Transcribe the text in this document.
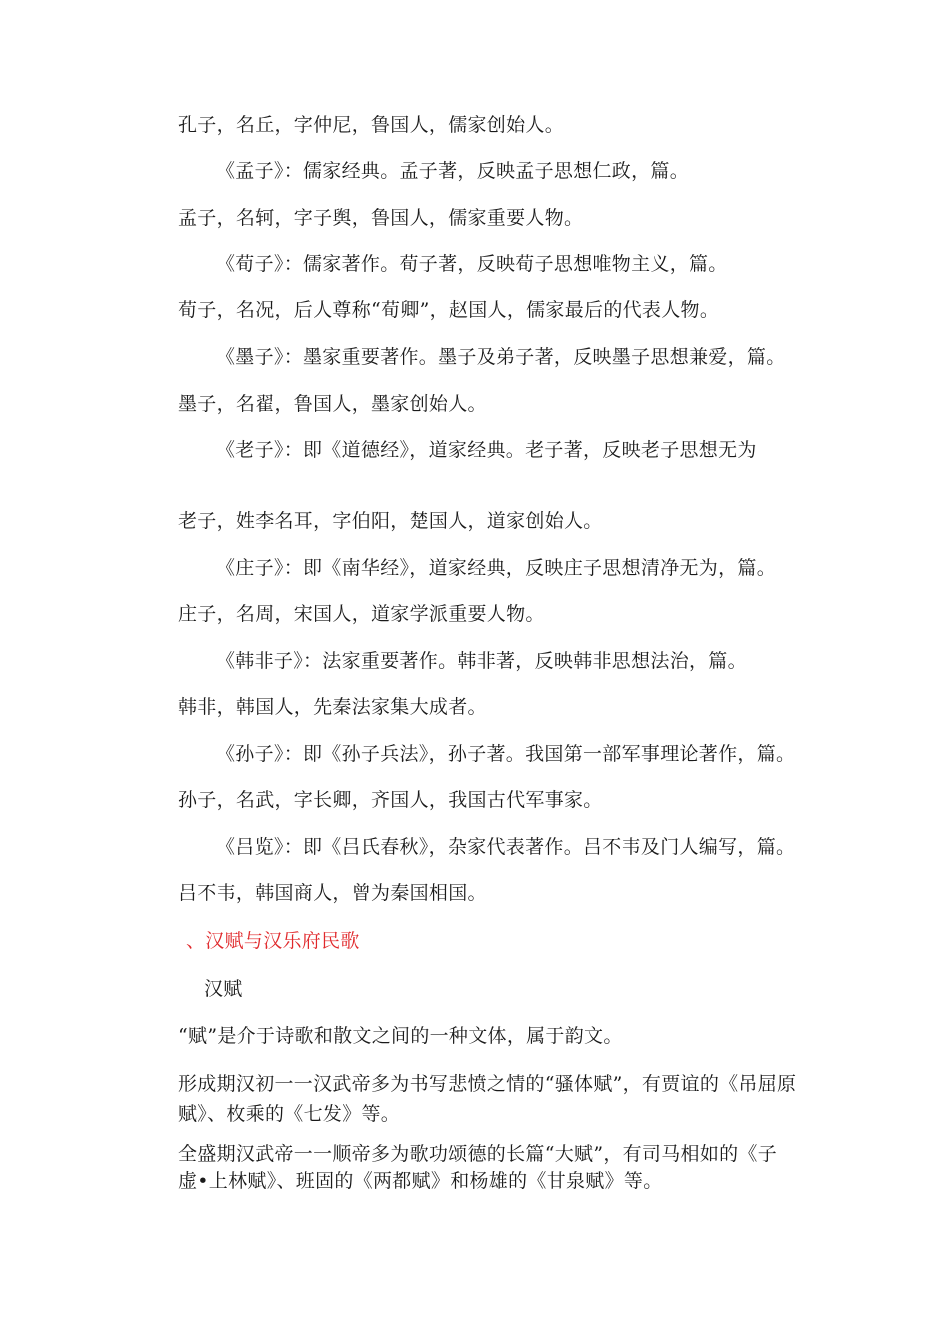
孔子，名丘，字仲尼，鲁国人，儒家创始人。
《孟子》：儒家经典。孟子著，反映孟子思想仁政，篇。
孟子，名轲，字子舆，鲁国人，儒家重要人物。
《荀子》：儒家著作。荀子著，反映荀子思想唯物主义，篇。
荀子，名况，后人尊称“荀卿”，赵国人，儒家最后的代表人物。
《墨子》：墨家重要著作。墨子及弟子著，反映墨子思想兼爱，篇。
墨子，名翟，鲁国人，墨家创始人。
《老子》：即《道德经》，道家经典。老子著，反映老子思想无为
老子，姓李名耳，字伯阳，楚国人，道家创始人。
《庄子》：即《南华经》，道家经典，反映庄子思想清净无为，篇。
庄子，名周，宋国人，道家学派重要人物。
《韩非子》：法家重要著作。韩非著，反映韩非思想法治，篇。
韩非，韩国人，先秦法家集大成者。
《孙子》：即《孙子兵法》，孙子著。我国第一部军事理论著作，篇。
孙子，名武，字长卿，齐国人，我国古代军事家。
《吕览》：即《吕氏春秋》，杂家代表著作。吕不韦及门人编写，篇。
吕不韦，韩国商人，曾为秦国相国。
、汉赋与汉乐府民歌
汉赋
“赋”是介于诗歌和散文之间的一种文体，属于韵文。
形成期汉初一一汉武帝多为书写悲愤之情的“骚体赋”，有贾谊的《吊屈原
赋》、枚乘的《七发》等。
全盛期汉武帝一一顺帝多为歌功颂德的长篇“大赋”，有司马相如的《子
虚•上林赋》、班固的《两都赋》和杨雄的《甘泉赋》等。
